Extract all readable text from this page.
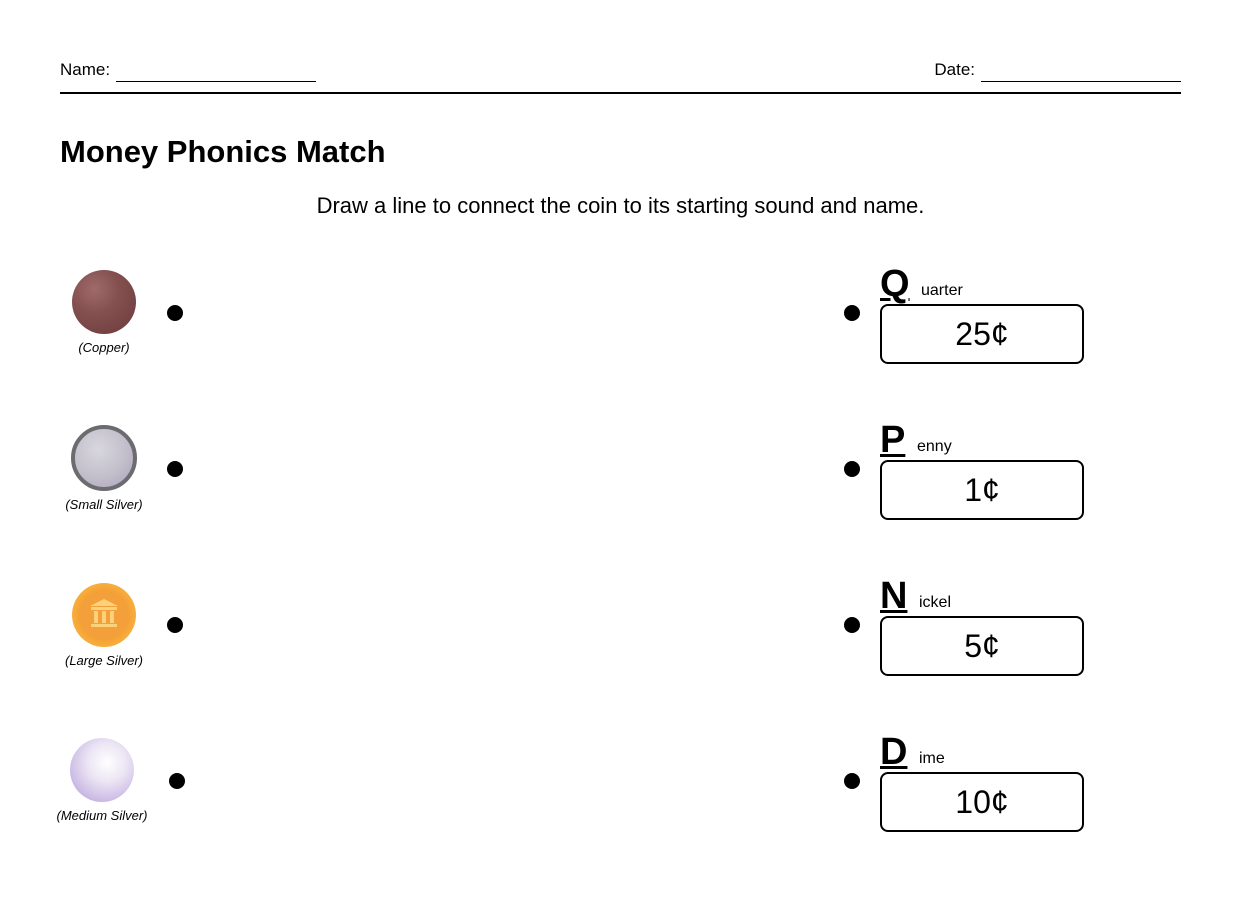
Name:	Date:
Money Phonics Match
Draw a line to connect the coin to its starting sound and name.
(Copper)
Q uarter
25¢
(Small Silver)
P enny
1¢
(Large Silver)
N ickel
5¢
(Medium Silver)
D ime
10¢
